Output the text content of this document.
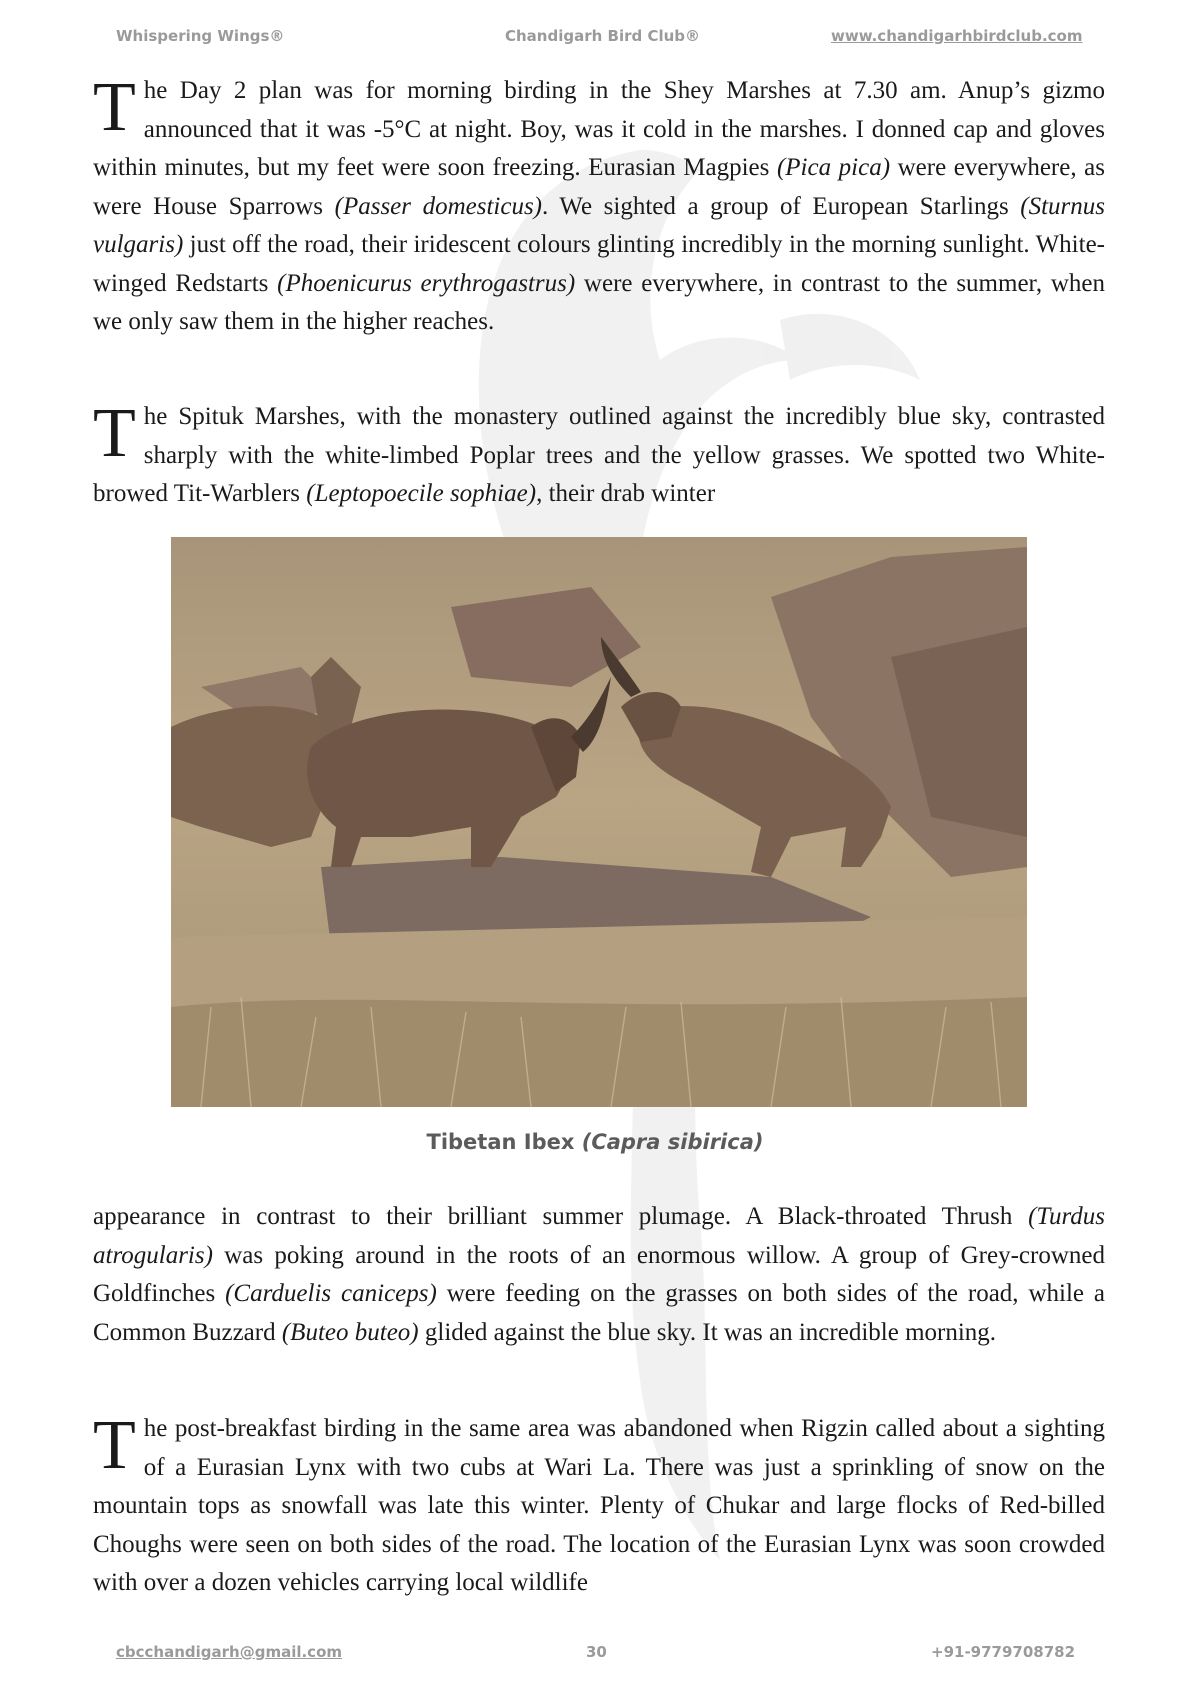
Whispering Wings®	Chandigarh Bird Club®	www.chandigarhbirdclub.com

The Day 2 plan was for morning birding in the Shey Marshes at 7.30 am. Anup’s gizmo announced that it was -5°C at night. Boy, was it cold in the marshes. I donned cap and gloves within minutes, but my feet were soon freezing. Eurasian Magpies (Pica pica) were everywhere, as were House Sparrows (Passer domesticus). We sighted a group of European Starlings (Sturnus vulgaris) just off the road, their iridescent colours glinting incredibly in the morning sunlight. White-winged Redstarts (Phoenicurus erythrogastrus) were everywhere, in contrast to the summer, when we only saw them in the higher reaches.

The Spituk Marshes, with the monastery outlined against the incredibly blue sky, contrasted sharply with the white-limbed Poplar trees and the yellow grasses. We spotted two White-browed Tit-Warblers (Leptopoecile sophiae), their drab winter

Tibetan Ibex (Capra sibirica)

appearance in contrast to their brilliant summer plumage. A Black-throated Thrush (Turdus atrogularis) was poking around in the roots of an enormous willow. A group of Grey-crowned Goldfinches (Carduelis caniceps) were feeding on the grasses on both sides of the road, while a Common Buzzard (Buteo buteo) glided against the blue sky. It was an incredible morning.

The post-breakfast birding in the same area was abandoned when Rigzin called about a sighting of a Eurasian Lynx with two cubs at Wari La. There was just a sprinkling of snow on the mountain tops as snowfall was late this winter. Plenty of Chukar and large flocks of Red-billed Choughs were seen on both sides of the road. The location of the Eurasian Lynx was soon crowded with over a dozen vehicles carrying local wildlife

cbcchandigarh@gmail.com	30	+91-9779708782
